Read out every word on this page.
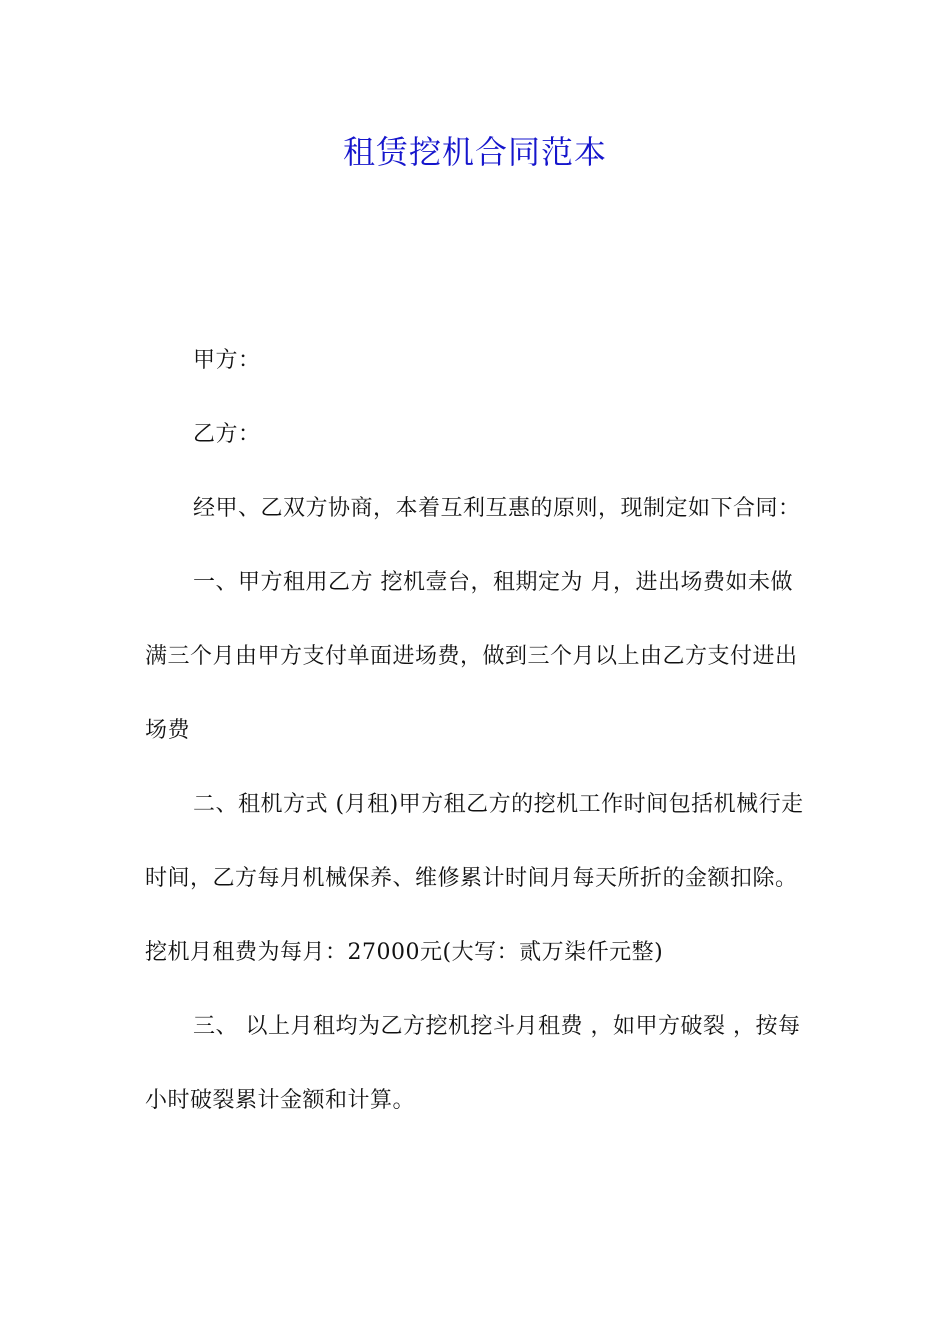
租赁挖机合同范本

甲方：

乙方：

经甲、乙双方协商，本着互利互惠的原则，现制定如下合同：

一、甲方租用乙方 挖机壹台，租期定为 月，进出场费如未做满三个月由甲方支付单面进场费，做到三个月以上由乙方支付进出场费

二、租机方式 (月租)甲方租乙方的挖机工作时间包括机械行走时间，乙方每月机械保养、维修累计时间月每天所折的金额扣除。挖机月租费为每月：27000元(大写：贰万柒仟元整)

三、 以上月租均为乙方挖机挖斗月租费 ，如甲方破裂 ，按每小时破裂累计金额和计算。
